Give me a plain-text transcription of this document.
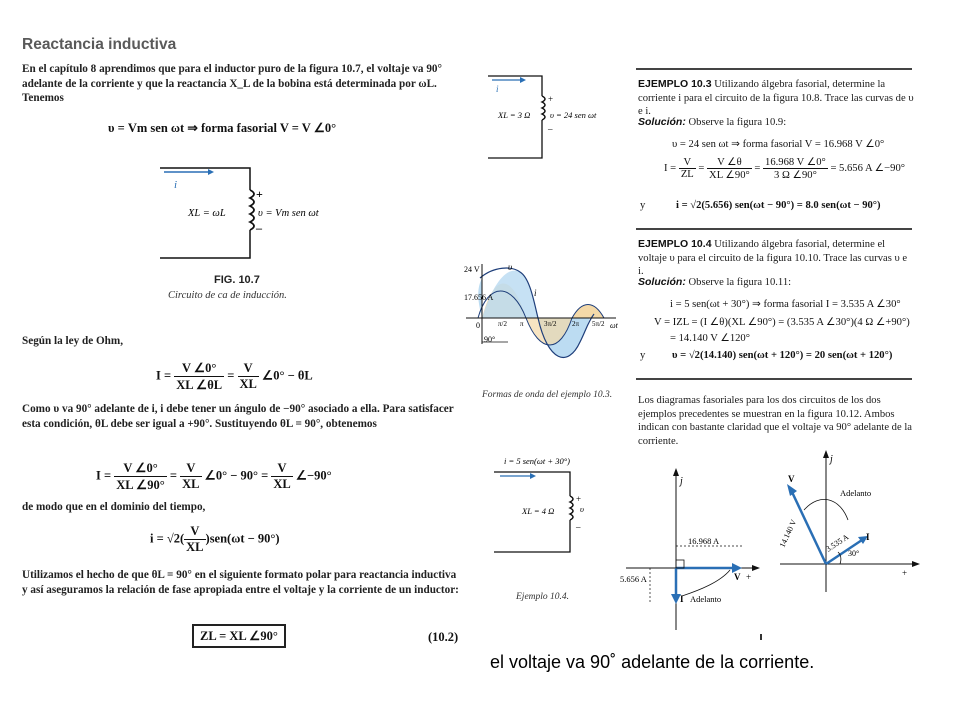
Reactancia inductiva
En el capítulo 8 aprendimos que para el inductor puro de la figura 10.7, el voltaje va 90° adelante de la corriente y que la reactancia X_L de la bobina está determinada por ωL. Tenemos
υ = Vm sen ωt ⇒ forma fasorial V = V ∠0°
i
XL = ωL	υ = Vm sen ωt
+
–
FIG. 10.7
Circuito de ca de inducción.
Según la ley de Ohm,
$I = \frac{V \angle 0^\circ}{XL \angle\theta L} = \frac{V}{XL}$ ∠0° − θL
Como υ va 90° adelante de i, i debe tener un ángulo de −90° asociado a ella. Para satisfacer esta condición, θL debe ser igual a +90°. Sustituyendo θL = 90°, obtenemos
$I = \frac{V \angle 0^\circ}{XL \angle 90^\circ} = \frac{V}{XL}$ ∠0° − $90^\circ = \frac{V}{XL}$ ∠−90°
de modo que en el dominio del tiempo,
$i = √2( \frac{V}{XL} )sen(\omega t - 90^\circ)$
Utilizamos el hecho de que θL = 90° en el siguiente formato polar para reactancia inductiva y así aseguramos la relación de fase apropiada entre el voltaje y la corriente de un inductor:
ZL = XL ∠90°	(10.2)
i
XL = 3 Ω υ = 24 sen ωt
+
–
24 V
17.656 A
υ
i
0
90°
ωt
π/2 π	3π/2 2π 5π/2
Formas de onda del ejemplo 10.3.
i = 5 sen(ωt + 30°)
XL = 4 Ω	υ
+
–
Ejemplo 10.4.
EJEMPLO 10.3 Utilizando álgebra fasorial, determine la corriente i para el circuito de la figura 10.8. Trace las curvas de υ e i.
Solución: Observe la figura 10.9:
υ = 24 sen ωt ⇒ forma fasorial V = 16.968 V ∠0°
$I = \frac{V}{ZL} = \frac{V \angle\theta}{XL \angle 90^\circ} = \frac{16.968 V \angle 0^\circ}{3 \Omega \angle 90^\circ} = 5.656$ A ∠−90°
y	i = √2(5.656) sen(ωt − 90°) = 8.0 sen(ωt − 90°)
EJEMPLO 10.4 Utilizando álgebra fasorial, determine el voltaje υ para el circuito de la figura 10.10. Trace las curvas υ e i.
Solución: Observe la figura 10.11:
i = 5 sen(ωt + 30°) ⇒ forma fasorial I = 3.535 A ∠30°
V = IZL = (I ∠θ)(XL ∠90°) = (3.535 A ∠30°)(4 Ω ∠+90°)
= 14.140 V ∠120°
y	υ = √2(14.140) sen(ωt + 120°) = 20 sen(ωt + 120°)
Los diagramas fasoriales para los dos circuitos de los dos ejemplos precedentes se muestran en la figura 10.12. Ambos indican con bastante claridad que el voltaje va 90° adelante de la corriente.
j
16.968 A
5.656 A	V
I Adelanto
+
j
V
I
Adelanto
14.140 V	3.535 A
30°
+
el voltaje va 90˚ adelante de la corriente.
